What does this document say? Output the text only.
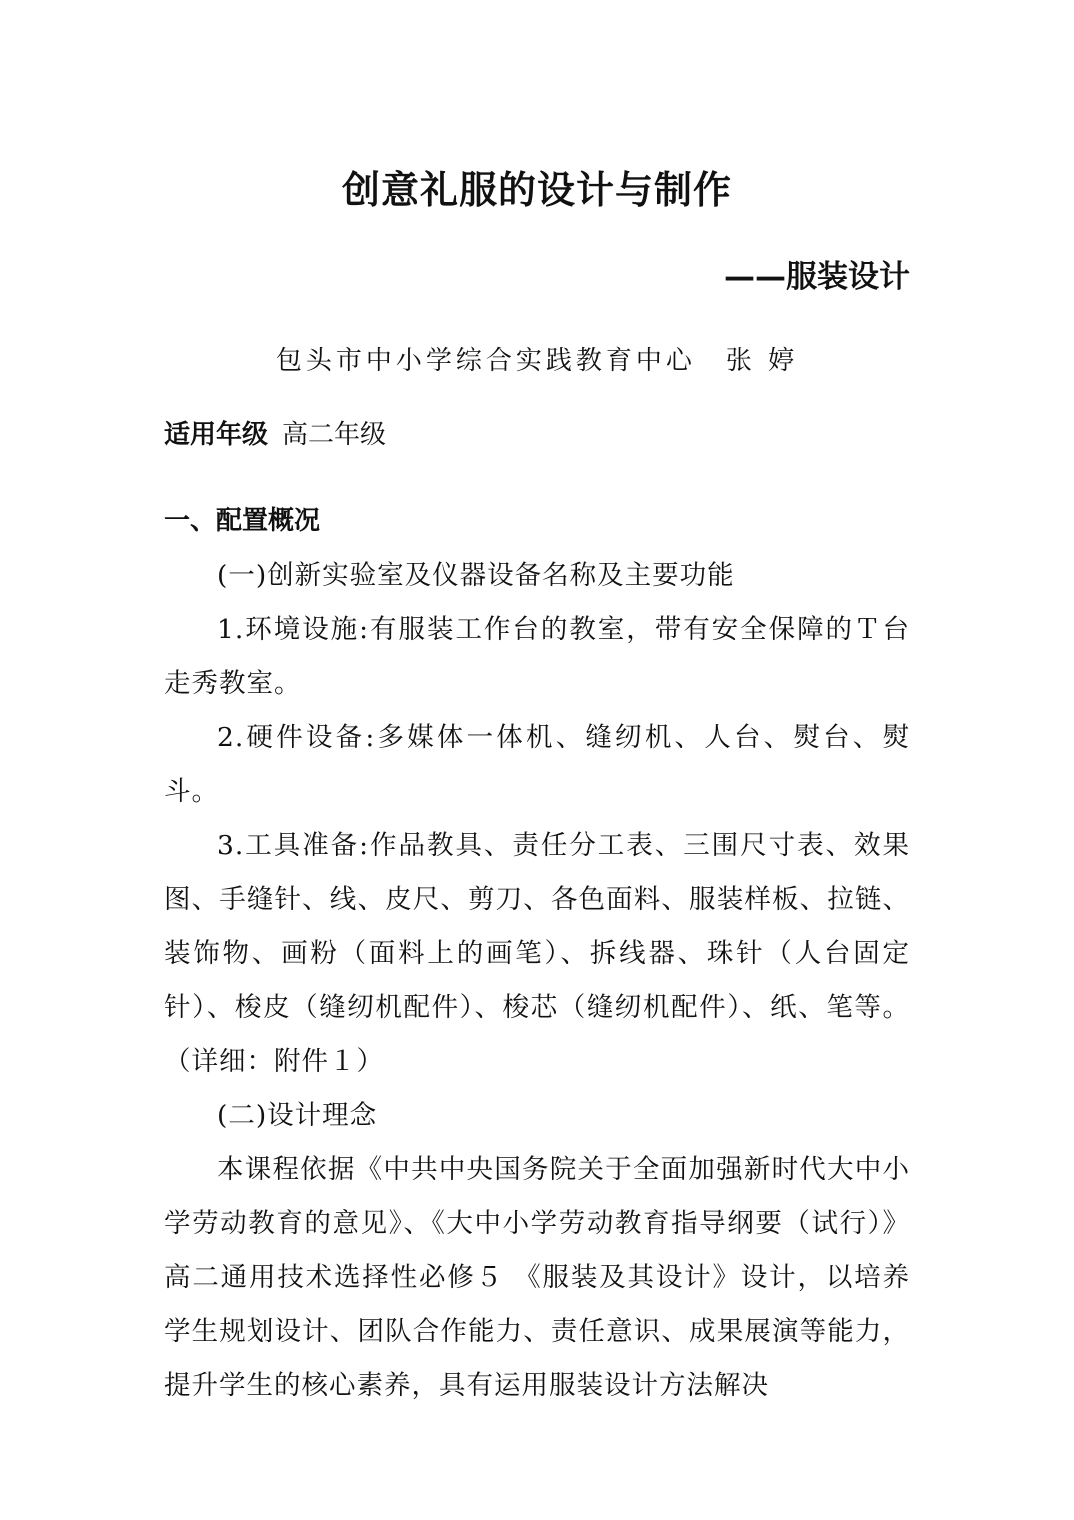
创意礼服的设计与制作
——服装设计
包头市中小学综合实践教育中心　张 婷
适用年级 高二年级
一、配置概况

(一)创新实验室及仪器设备名称及主要功能

1.环境设施:有服装工作台的教室，带有安全保障的Ｔ台走秀教室。

2.硬件设备:多媒体一体机、缝纫机、人台、熨台、熨斗。

3.工具准备:作品教具、责任分工表、三围尺寸表、效果图、手缝针、线、皮尺、剪刀、各色面料、服装样板、拉链、装饰物、画粉（面料上的画笔）、拆线器、珠针（人台固定针）、梭皮（缝纫机配件）、梭芯（缝纫机配件）、纸、笔等。（详细：附件１）

(二)设计理念

本课程依据《中共中央国务院关于全面加强新时代大中小学劳动教育的意见》、《大中小学劳动教育指导纲要（试行）》高二通用技术选择性必修５ 《服装及其设计》设计，以培养学生规划设计、团队合作能力、责任意识、成果展演等能力，提升学生的核心素养，具有运用服装设计方法解决
